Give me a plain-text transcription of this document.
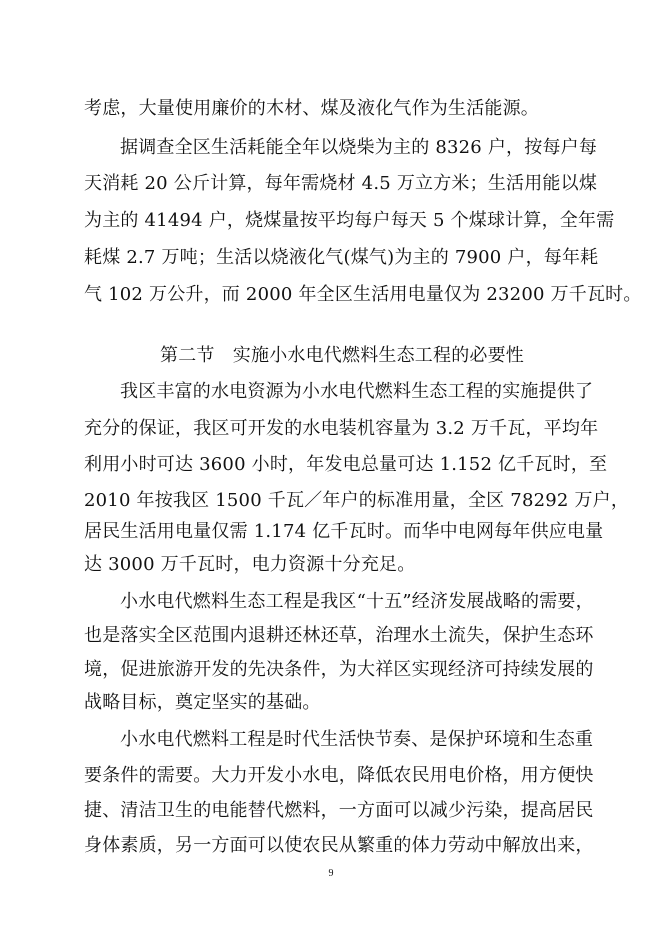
考虑，大量使用廉价的木材、煤及液化气作为生活能源。
据调查全区生活耗能全年以烧柴为主的 8326 户，按每户每
天消耗 20 公斤计算，每年需烧材 4.5 万立方米；生活用能以煤
为主的 41494 户，烧煤量按平均每户每天 5 个煤球计算，全年需
耗煤 2.7 万吨；生活以烧液化气(煤气)为主的 7900 户，每年耗
气 102 万公升，而 2000 年全区生活用电量仅为 23200 万千瓦时。
第二节　实施小水电代燃料生态工程的必要性
我区丰富的水电资源为小水电代燃料生态工程的实施提供了
充分的保证，我区可开发的水电装机容量为 3.2 万千瓦，平均年
利用小时可达 3600 小时，年发电总量可达 1.152 亿千瓦时，至
2010 年按我区 1500 千瓦／年户的标准用量，全区 78292 万户，
居民生活用电量仅需 1.174 亿千瓦时。而华中电网每年供应电量
达 3000 万千瓦时，电力资源十分充足。
小水电代燃料生态工程是我区“十五”经济发展战略的需要，
也是落实全区范围内退耕还林还草，治理水土流失，保护生态环
境，促进旅游开发的先决条件，为大祥区实现经济可持续发展的
战略目标，奠定坚实的基础。
小水电代燃料工程是时代生活快节奏、是保护环境和生态重
要条件的需要。大力开发小水电，降低农民用电价格，用方便快
捷、清洁卫生的电能替代燃料，一方面可以减少污染，提高居民
身体素质，另一方面可以使农民从繁重的体力劳动中解放出来，
9
